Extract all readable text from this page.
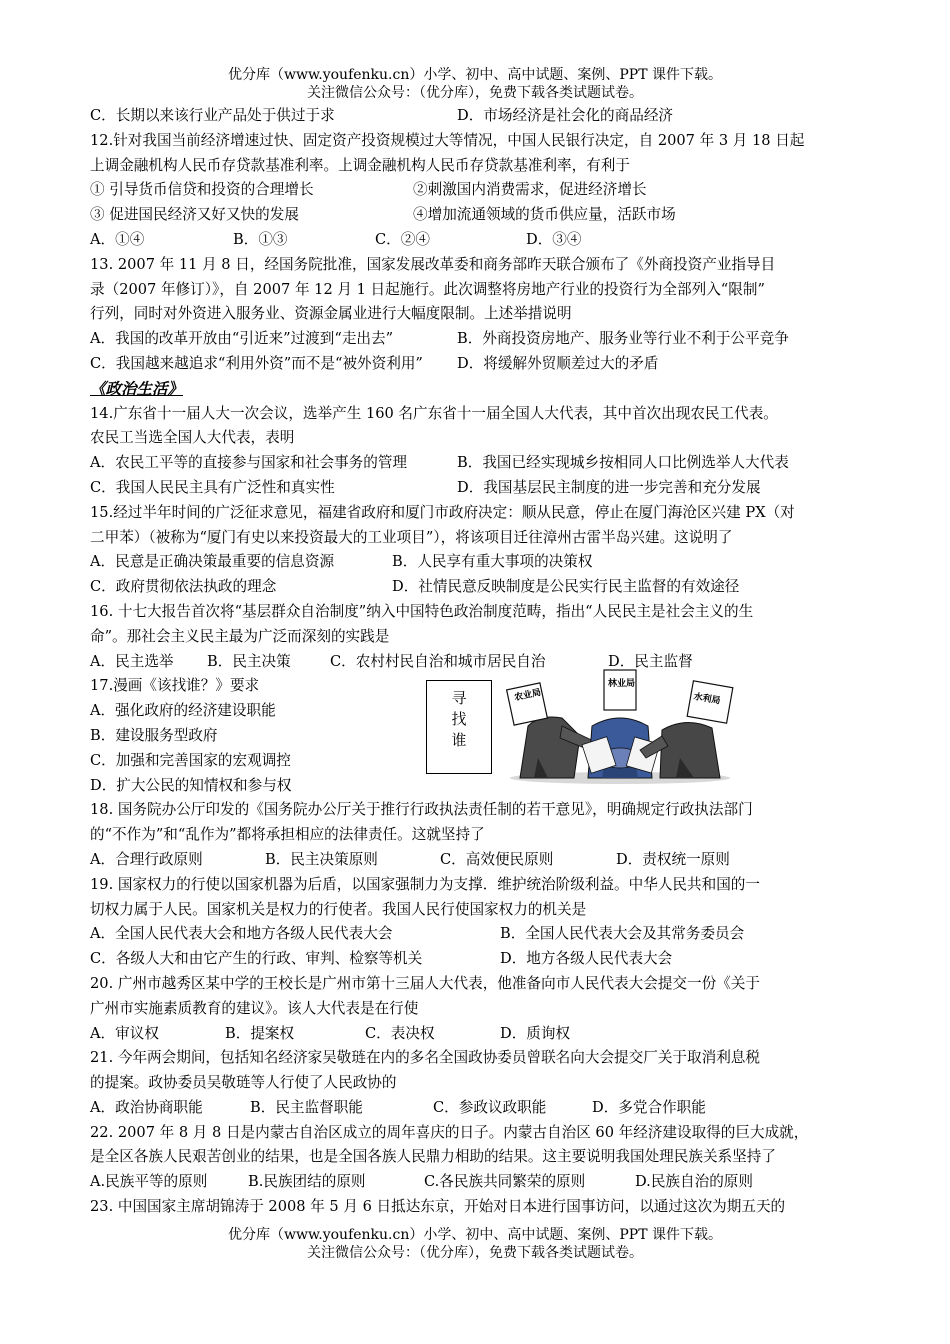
优分库（www.youfenku.cn）小学、初中、高中试题、案例、PPT 课件下载。
关注微信公众号：（优分库），免费下载各类试题试卷。
C．长期以来该行业产品处于供过于求	D．市场经济是社会化的商品经济
12.针对我国当前经济增速过快、固定资产投资规模过大等情况，中国人民银行决定，自 2007 年 3 月 18 日起
上调金融机构人民币存贷款基准利率。上调金融机构人民币存贷款基准利率，有利于
① 引导货币信贷和投资的合理增长	②刺激国内消费需求，促进经济增长
③ 促进国民经济又好又快的发展	④增加流通领域的货币供应量，活跃市场
A．①④	B．①③	C．②④	D．③④
13. 2007 年 11 月 8 日，经国务院批准，国家发展改革委和商务部昨天联合颁布了《外商投资产业指导目
录（2007 年修订）》，自 2007 年 12 月 1 日起施行。此次调整将房地产行业的投资行为全部列入“限制”
行列，同时对外资进入服务业、资源金属业进行大幅度限制。上述举措说明
A．我国的改革开放由“引近来”过渡到“走出去”	B．外商投资房地产、服务业等行业不利于公平竞争
C．我国越来越追求“利用外资”而不是“被外资利用” D．将缓解外贸顺差过大的矛盾
《政治生活》
14.广东省十一届人大一次会议，选举产生 160 名广东省十一届全国人大代表，其中首次出现农民工代表。
农民工当选全国人大代表，表明
A．农民工平等的直接参与国家和社会事务的管理	B．我国已经实现城乡按相同人口比例选举人大代表
C．我国人民民主具有广泛性和真实性	D．我国基层民主制度的进一步完善和充分发展
15.经过半年时间的广泛征求意见，福建省政府和厦门市政府决定：顺从民意，停止在厦门海沧区兴建 PX（对
二甲苯）（被称为“厦门有史以来投资最大的工业项目”），将该项目迁往漳州古雷半岛兴建。这说明了
A．民意是正确决策最重要的信息资源	B．人民享有重大事项的决策权
C．政府贯彻依法执政的理念	D．社情民意反映制度是公民实行民主监督的有效途径
16. 十七大报告首次将“基层群众自治制度”纳入中国特色政治制度范畴，指出“人民民主是社会主义的生
命”。那社会主义民主最为广泛而深刻的实践是
A．民主选举 B．民主决策	C．农村村民自治和城市居民自治	D．民主监督
17.漫画《该找谁？》要求
A．强化政府的经济建设职能
B．建设服务型政府
C．加强和完善国家的宏观调控
D．扩大公民的知情权和参与权
寻
找
谁
农业局
林业局
水利局
18. 国务院办公厅印发的《国务院办公厅关于推行行政执法责任制的若干意见》，明确规定行政执法部门
的“不作为”和“乱作为”都将承担相应的法律责任。这就坚持了
A．合理行政原则	B．民主决策原则	C．高效便民原则	D．责权统一原则
19. 国家权力的行使以国家机器为后盾，以国家强制力为支撑．维护统治阶级利益。中华人民共和国的一
切权力属于人民。国家机关是权力的行使者。我国人民行使国家权力的机关是
A．全国人民代表大会和地方各级人民代表大会	B．全国人民代表大会及其常务委员会
C．各级人大和由它产生的行政、审判、检察等机关	D．地方各级人民代表大会
20. 广州市越秀区某中学的王校长是广州市第十三届人大代表，他准备向市人民代表大会提交一份《关于
广州市实施素质教育的建议》。该人大代表是在行使
A．审议权	B．提案权	C．表决权	D．质询权
21. 今年两会期间，包括知名经济家吴敬琏在内的多名全国政协委员曾联名向大会提交厂关于取消利息税
的提案。政协委员吴敬琏等人行使了人民政协的
A．政治协商职能	B．民主监督职能	C．参政议政职能	D．多党合作职能
22. 2007 年 8 月 8 日是内蒙古自治区成立的周年喜庆的日子。内蒙古自治区 60 年经济建设取得的巨大成就，
是全区各族人民艰苦创业的结果，也是全国各族人民鼎力相助的结果。这主要说明我国处理民族关系坚持了
A.民族平等的原则	B.民族团结的原则	C.各民族共同繁荣的原则	D.民族自治的原则
23. 中国国家主席胡锦涛于 2008 年 5 月 6 日抵达东京，开始对日本进行国事访问，以通过这次为期五天的
优分库（www.youfenku.cn）小学、初中、高中试题、案例、PPT 课件下载。
关注微信公众号：（优分库），免费下载各类试题试卷。
